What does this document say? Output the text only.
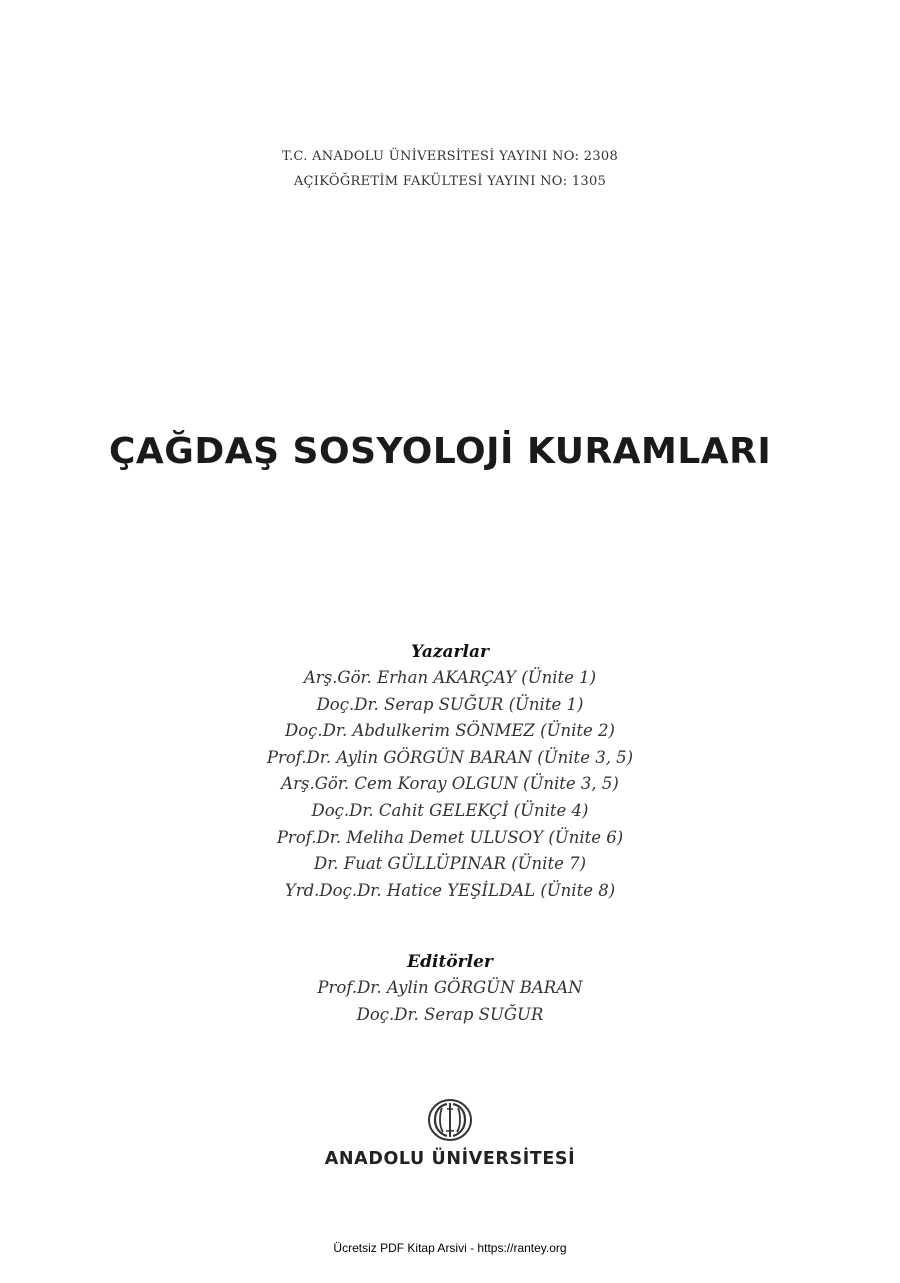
T.C. ANADOLU ÜNİVERSİTESİ YAYINI NO: 2308
AÇIKÖĞRETİM FAKÜLTESİ YAYINI NO: 1305
ÇAĞDAŞ SOSYOLOJİ KURAMLARI
Yazarlar
Arş.Gör. Erhan AKARÇAY (Ünite 1)
Doç.Dr. Serap SUĞUR (Ünite 1)
Doç.Dr. Abdulkerim SÖNMEZ (Ünite 2)
Prof.Dr. Aylin GÖRGÜN BARAN (Ünite 3, 5)
Arş.Gör. Cem Koray OLGUN (Ünite 3, 5)
Doç.Dr. Cahit GELEKÇİ (Ünite 4)
Prof.Dr. Meliha Demet ULUSOY (Ünite 6)
Dr. Fuat GÜLLÜPINAR (Ünite 7)
Yrd.Doç.Dr. Hatice YEŞİLDAL (Ünite 8)
Editörler
Prof.Dr. Aylin GÖRGÜN BARAN
Doç.Dr. Serap SUĞUR
ANADOLU ÜNİVERSİTESİ
Ücretsiz PDF Kitap Arsivi - https://rantey.org
